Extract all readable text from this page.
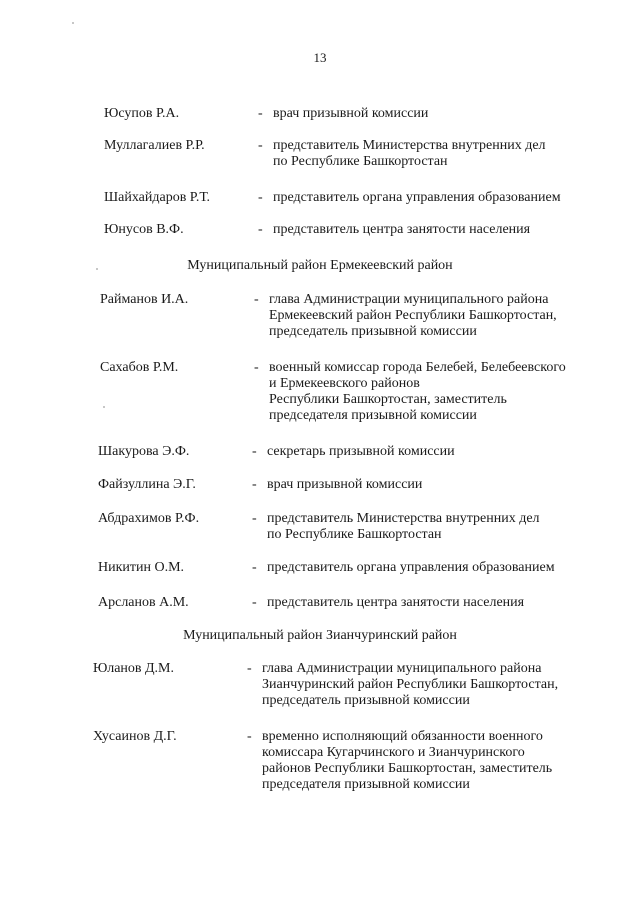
13
Юсупов Р.А.	- врач призывной комиссии
Муллагалиев Р.Р.	- представитель Министерства внутренних дел
по Республике Башкортостан
Шайхайдаров Р.Т.	- представитель органа управления образованием
Юнусов В.Ф.	- представитель центра занятости населения
Муниципальный район Ермекеевский район
Райманов И.А.	- глава Администрации муниципального района
Ермекеевский район Республики Башкортостан,
председатель призывной комиссии
Сахабов Р.М.	- военный комиссар города Белебей, Белебеевского
и Ермекеевского районов
Республики Башкортостан, заместитель
председателя призывной комиссии
Шакурова Э.Ф.	- секретарь призывной комиссии
Файзуллина Э.Г.	- врач призывной комиссии
Абдрахимов Р.Ф.	- представитель Министерства внутренних дел
по Республике Башкортостан
Никитин О.М.	- представитель органа управления образованием
Арсланов А.М.	- представитель центра занятости населения
Муниципальный район Зианчуринский район
Юланов Д.М.	- глава Администрации муниципального района
Зианчуринский район Республики Башкортостан,
председатель призывной комиссии
Хусаинов Д.Г.	- временно исполняющий обязанности военного
комиссара Кугарчинского и Зианчуринского
районов Республики Башкортостан, заместитель
председателя призывной комиссии
